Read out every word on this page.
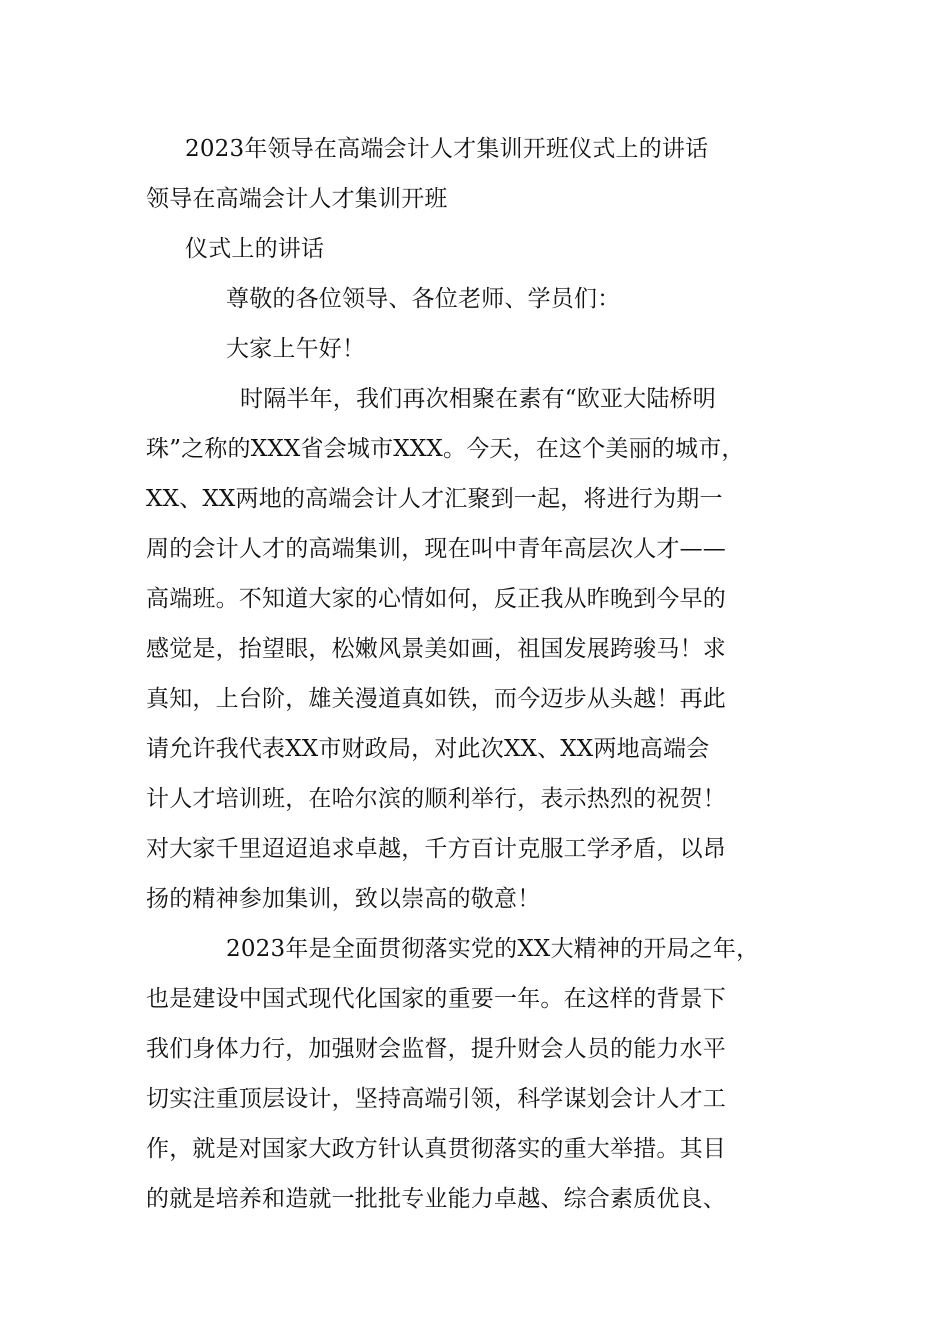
2023年领导在高端会计人才集训开班仪式上的讲话
领导在高端会计人才集训开班
仪式上的讲话
尊敬的各位领导、各位老师、学员们：
大家上午好！
时隔半年，我们再次相聚在素有“欧亚大陆桥明
珠”之称的XXX省会城市XXX。今天，在这个美丽的城市，
XX、XX两地的高端会计人才汇聚到一起，将进行为期一
周的会计人才的高端集训，现在叫中青年高层次人才——
高端班。不知道大家的心情如何，反正我从昨晚到今早的
感觉是，抬望眼，松嫩风景美如画，祖国发展跨骏马！求
真知，上台阶，雄关漫道真如铁，而今迈步从头越！再此
请允许我代表XX市财政局，对此次XX、XX两地高端会
计人才培训班，在哈尔滨的顺利举行，表示热烈的祝贺！
对大家千里迢迢追求卓越，千方百计克服工学矛盾，以昂
扬的精神参加集训，致以崇高的敬意！
2023年是全面贯彻落实党的XX大精神的开局之年，
也是建设中国式现代化国家的重要一年。在这样的背景下
我们身体力行，加强财会监督，提升财会人员的能力水平
切实注重顶层设计，坚持高端引领，科学谋划会计人才工
作，就是对国家大政方针认真贯彻落实的重大举措。其目
的就是培养和造就一批批专业能力卓越、综合素质优良、
